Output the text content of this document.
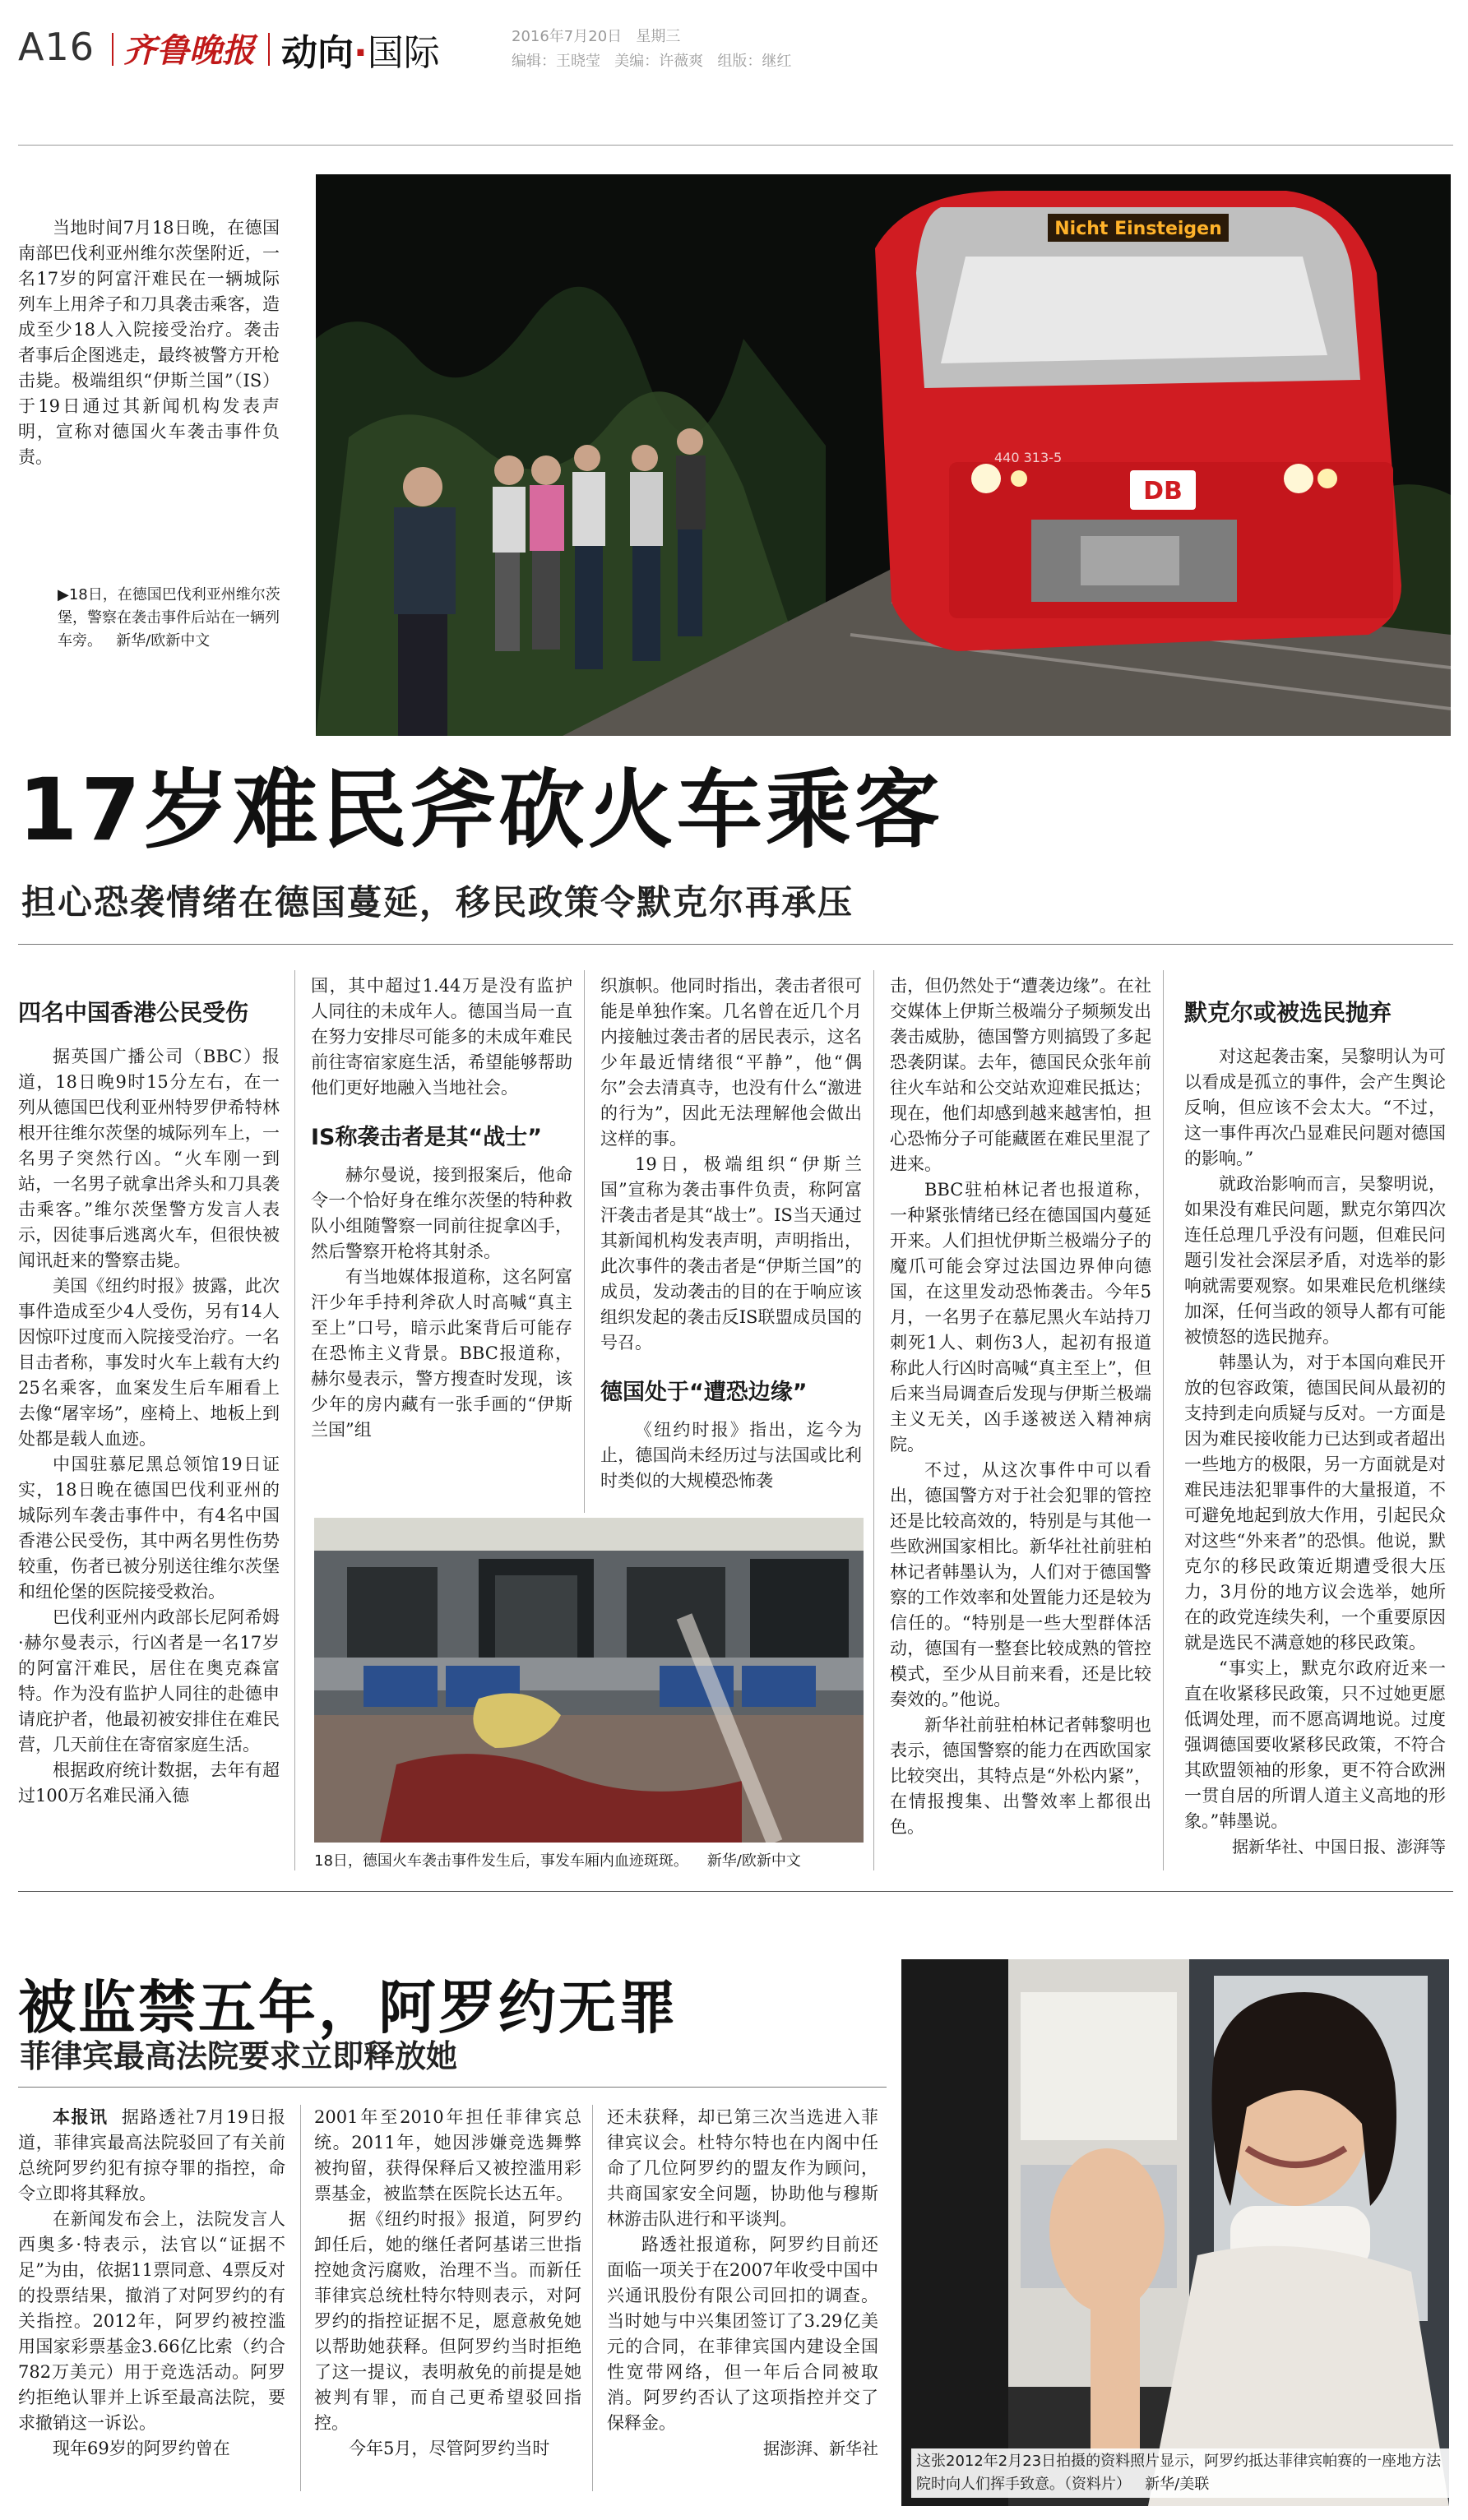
A16 齐鲁晚报 动向·国际	2016年7月20日 星期三
编辑：王晓莹 美编：许薇爽 组版：继红

当地时间7月18日晚，在德国南部巴伐利亚州维尔茨堡附近，一名17岁的阿富汗难民在一辆城际列车上用斧子和刀具袭击乘客，造成至少18人入院接受治疗。袭击者事后企图逃走，最终被警方开枪击毙。极端组织“伊斯兰国”（IS）于19日通过其新闻机构发表声明，宣称对德国火车袭击事件负责。

▶18日，在德国巴伐利亚州维尔茨堡，警察在袭击事件后站在一辆列车旁。 新华/欧新中文
Nicht Einsteigen
DB
440 313-5
17岁难民斧砍火车乘客
担心恐袭情绪在德国蔓延，移民政策令默克尔再承压
四名中国香港公民受伤

据英国广播公司（BBC）报道，18日晚9时15分左右，在一列从德国巴伐利亚州特罗伊希特林根开往维尔茨堡的城际列车上，一名男子突然行凶。“火车刚一到站，一名男子就拿出斧头和刀具袭击乘客。”维尔茨堡警方发言人表示，因徒事后逃离火车，但很快被闻讯赶来的警察击毙。

美国《纽约时报》披露，此次事件造成至少4人受伤，另有14人因惊吓过度而入院接受治疗。一名目击者称，事发时火车上载有大约25名乘客，血案发生后车厢看上去像“屠宰场”，座椅上、地板上到处都是载人血迹。

中国驻慕尼黑总领馆19日证实，18日晚在德国巴伐利亚州的城际列车袭击事件中，有4名中国香港公民受伤，其中两名男性伤势较重，伤者已被分别送往维尔茨堡和纽伦堡的医院接受救治。

巴伐利亚州内政部长尼阿希姆·赫尔曼表示，行凶者是一名17岁的阿富汗难民，居住在奥克森富特。作为没有监护人同往的赴德申请庇护者，他最初被安排住在难民营，几天前住在寄宿家庭生活。

根据政府统计数据，去年有超过100万名难民涌入德

国，其中超过1.44万是没有监护人同往的未成年人。德国当局一直在努力安排尽可能多的未成年难民前往寄宿家庭生活，希望能够帮助他们更好地融入当地社会。

IS称袭击者是其“战士”

赫尔曼说，接到报案后，他命令一个恰好身在维尔茨堡的特种救队小组随警察一同前往捉拿凶手，然后警察开枪将其射杀。

有当地媒体报道称，这名阿富汗少年手持利斧砍人时高喊“真主至上”口号，暗示此案背后可能存在恐怖主义背景。BBC报道称，赫尔曼表示，警方搜查时发现，该少年的房内藏有一张手画的“伊斯兰国”组

织旗帜。他同时指出，袭击者很可能是单独作案。几名曾在近几个月内接触过袭击者的居民表示，这名少年最近情绪很“平静”，他“偶尔”会去清真寺，也没有什么“激进的行为”，因此无法理解他会做出这样的事。

19日，极端组织“伊斯兰国”宣称为袭击事件负责，称阿富汗袭击者是其“战士”。IS当天通过其新闻机构发表声明，声明指出，此次事件的袭击者是“伊斯兰国”的成员，发动袭击的目的在于响应该组织发起的袭击反IS联盟成员国的号召。

德国处于“遭恐边缘”

《纽约时报》指出，迄今为止，德国尚未经历过与法国或比利时类似的大规模恐怖袭

击，但仍然处于“遭袭边缘”。在社交媒体上伊斯兰极端分子频频发出袭击威胁，德国警方则搞毁了多起恐袭阴谋。去年，德国民众张年前往火车站和公交站欢迎难民抵达；现在，他们却感到越来越害怕，担心恐怖分子可能藏匿在难民里混了进来。

BBC驻柏林记者也报道称，一种紧张情绪已经在德国国内蔓延开来。人们担忧伊斯兰极端分子的魔爪可能会穿过法国边界伸向德国，在这里发动恐怖袭击。今年5月，一名男子在慕尼黑火车站持刀刺死1人、刺伤3人，起初有报道称此人行凶时高喊“真主至上”，但后来当局调查后发现与伊斯兰极端主义无关，凶手遂被送入精神病院。

不过，从这次事件中可以看出，德国警方对于社会犯罪的管控还是比较高效的，特别是与其他一些欧洲国家相比。新华社社前驻柏林记者韩墨认为，人们对于德国警察的工作效率和处置能力还是较为信任的。“特别是一些大型群体活动，德国有一整套比较成熟的管控模式，至少从目前来看，还是比较奏效的。”他说。

新华社前驻柏林记者韩黎明也表示，德国警察的能力在西欧国家比较突出，其特点是“外松内紧”，在情报搜集、出警效率上都很出色。

默克尔或被选民抛弃

对这起袭击案，吴黎明认为可以看成是孤立的事件，会产生舆论反响，但应该不会太大。“不过，这一事件再次凸显难民问题对德国的影响。”

就政治影响而言，吴黎明说，如果没有难民问题，默克尔第四次连任总理几乎没有问题，但难民问题引发社会深层矛盾，对选举的影响就需要观察。如果难民危机继续加深，任何当政的领导人都有可能被愤怒的选民抛弃。

韩墨认为，对于本国向难民开放的包容政策，德国民间从最初的支持到走向质疑与反对。一方面是因为难民接收能力已达到或者超出一些地方的极限，另一方面就是对难民违法犯罪事件的大量报道，不可避免地起到放大作用，引起民众对这些“外来者”的恐惧。他说，默克尔的移民政策近期遭受很大压力，3月份的地方议会选举，她所在的政党连续失利，一个重要原因就是选民不满意她的移民政策。

“事实上，默克尔政府近来一直在收紧移民政策，只不过她更愿低调处理，而不愿高调地说。过度强调德国要收紧移民政策，不符合其欧盟领袖的形象，更不符合欧洲一贯自居的所谓人道主义高地的形象。”韩墨说。

据新华社、中国日报、澎湃等

18日，德国火车袭击事件发生后，事发车厢内血迹斑斑。 新华/欧新中文
被监禁五年，阿罗约无罪
菲律宾最高法院要求立即释放她

本报讯 据路透社7月19日报道，菲律宾最高法院驳回了有关前总统阿罗约犯有掠夺罪的指控，命令立即将其释放。

在新闻发布会上，法院发言人西奥多·特表示，法官以“证据不足”为由，依据11票同意、4票反对的投票结果，撤消了对阿罗约的有关指控。2012年，阿罗约被控滥用国家彩票基金3.66亿比索（约合782万美元）用于竞选活动。阿罗约拒绝认罪并上诉至最高法院，要求撤销这一诉讼。

现年69岁的阿罗约曾在

2001年至2010年担任菲律宾总统。2011年，她因涉嫌竞选舞弊被拘留，获得保释后又被控滥用彩票基金，被监禁在医院长达五年。

据《纽约时报》报道，阿罗约卸任后，她的继任者阿基诺三世指控她贪污腐败，治理不当。而新任菲律宾总统杜特尔特则表示，对阿罗约的指控证据不足，愿意赦免她以帮助她获释。但阿罗约当时拒绝了这一提议，表明赦免的前提是她被判有罪，而自己更希望驳回指控。

今年5月，尽管阿罗约当时

还未获释，却已第三次当选进入菲律宾议会。杜特尔特也在内阁中任命了几位阿罗约的盟友作为顾问，共商国家安全问题，协助他与穆斯林游击队进行和平谈判。

路透社报道称，阿罗约目前还面临一项关于在2007年收受中国中兴通讯股份有限公司回扣的调查。当时她与中兴集团签订了3.29亿美元的合同，在菲律宾国内建设全国性宽带网络，但一年后合同被取消。阿罗约否认了这项指控并交了保释金。

据澎湃、新华社

这张2012年2月23日拍摄的资料照片显示，阿罗约抵达菲律宾帕赛的一座地方法院时向人们挥手致意。（资料片） 新华/美联
